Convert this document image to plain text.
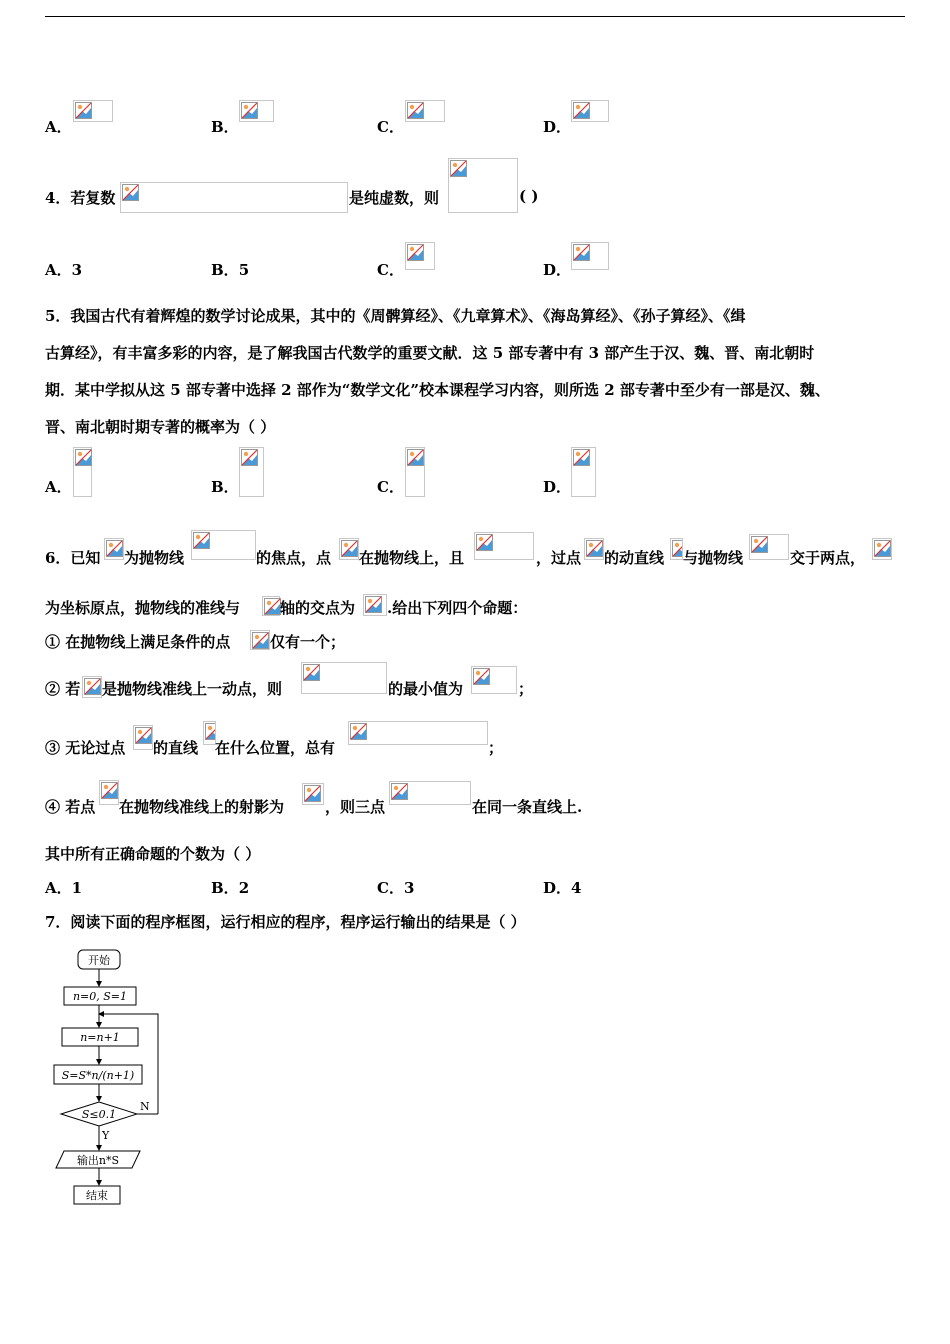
A．	B．	C．	D．
4．若复数	是纯虚数，则	( )
A．3	B．5	C．	D．
5．我国古代有着辉煌的数学讨论成果，其中的《周髀算经》、《九章算术》、《海岛算经》、《孙子算经》、《缉
古算经》，有丰富多彩的内容，是了解我国古代数学的重要文献．这 5 部专著中有 3 部产生于汉、魏、晋、南北朝时
期．某中学拟从这 5 部专著中选择 2 部作为“数学文化”校本课程学习内容，则所选 2 部专著中至少有一部是汉、魏、
晋、南北朝时期专著的概率为（ ）
A．	B．	C．	D．
6．已知 为抛物线	的焦点，点 在抛物线上，且	，过点 的动直线 与抛物线	交于两点，
为坐标原点，抛物线的准线与	轴的交点为 .给出下列四个命题：
① 在抛物线上满足条件的点	仅有一个；
② 若 是抛物线准线上一动点，则	的最小值为	；
③ 无论过点 的直线 在什么位置，总有	；
④ 若点 在抛物线准线上的射影为	，则三点	在同一条直线上.
其中所有正确命题的个数为（ ）
A．1	B．2	C．3	D．4
7．阅读下面的程序框图，运行相应的程序，程序运行输出的结果是（ ）
开始
n=0, S=1
n=n+1
S=S*n/(n+1)
S≤0.1
N
Y
输出n*S
结束
